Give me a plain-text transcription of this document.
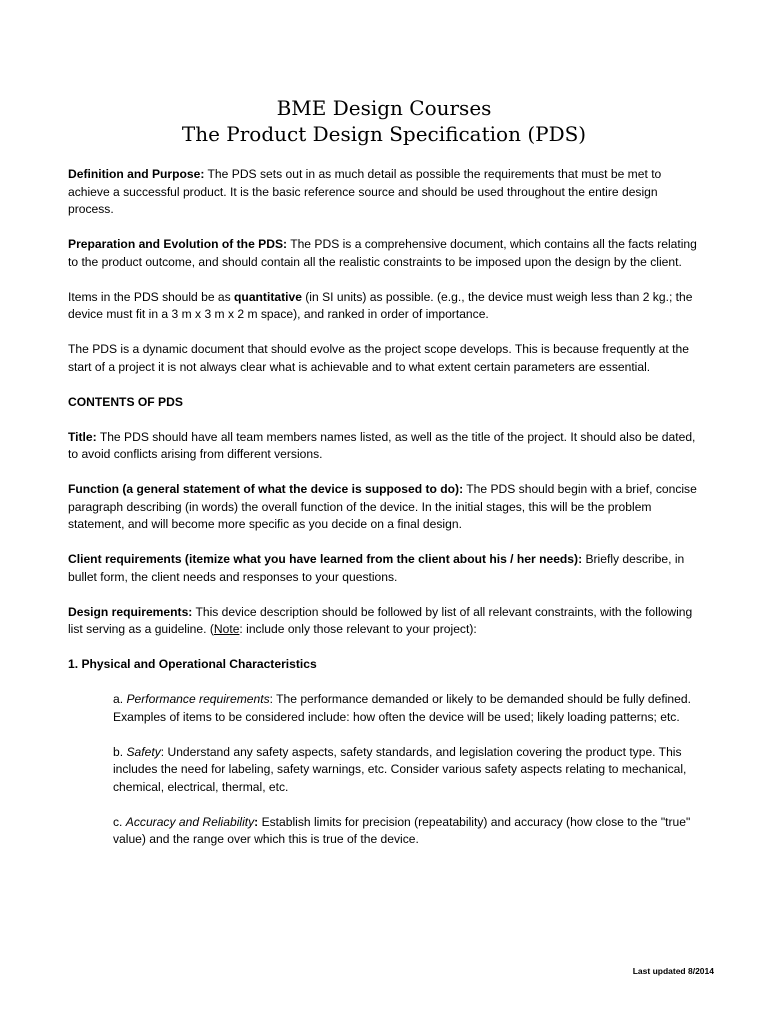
BME Design Courses
The Product Design Specification (PDS)

Definition and Purpose: The PDS sets out in as much detail as possible the requirements that must be met to achieve a successful product. It is the basic reference source and should be used throughout the entire design process.

Preparation and Evolution of the PDS: The PDS is a comprehensive document, which contains all the facts relating to the product outcome, and should contain all the realistic constraints to be imposed upon the design by the client.

Items in the PDS should be as quantitative (in SI units) as possible. (e.g., the device must weigh less than 2 kg.; the device must fit in a 3 m x 3 m x 2 m space), and ranked in order of importance.

The PDS is a dynamic document that should evolve as the project scope develops. This is because frequently at the start of a project it is not always clear what is achievable and to what extent certain parameters are essential.

CONTENTS OF PDS

Title: The PDS should have all team members names listed, as well as the title of the project. It should also be dated, to avoid conflicts arising from different versions.

Function (a general statement of what the device is supposed to do): The PDS should begin with a brief, concise paragraph describing (in words) the overall function of the device. In the initial stages, this will be the problem statement, and will become more specific as you decide on a final design.

Client requirements (itemize what you have learned from the client about his / her needs): Briefly describe, in bullet form, the client needs and responses to your questions.

Design requirements: This device description should be followed by list of all relevant constraints, with the following list serving as a guideline. (Note: include only those relevant to your project):

1. Physical and Operational Characteristics

a. Performance requirements: The performance demanded or likely to be demanded should be fully defined. Examples of items to be considered include: how often the device will be used; likely loading patterns; etc.

b. Safety: Understand any safety aspects, safety standards, and legislation covering the product type. This includes the need for labeling, safety warnings, etc. Consider various safety aspects relating to mechanical, chemical, electrical, thermal, etc.

c. Accuracy and Reliability: Establish limits for precision (repeatability) and accuracy (how close to the "true" value) and the range over which this is true of the device.

Last updated 8/2014
